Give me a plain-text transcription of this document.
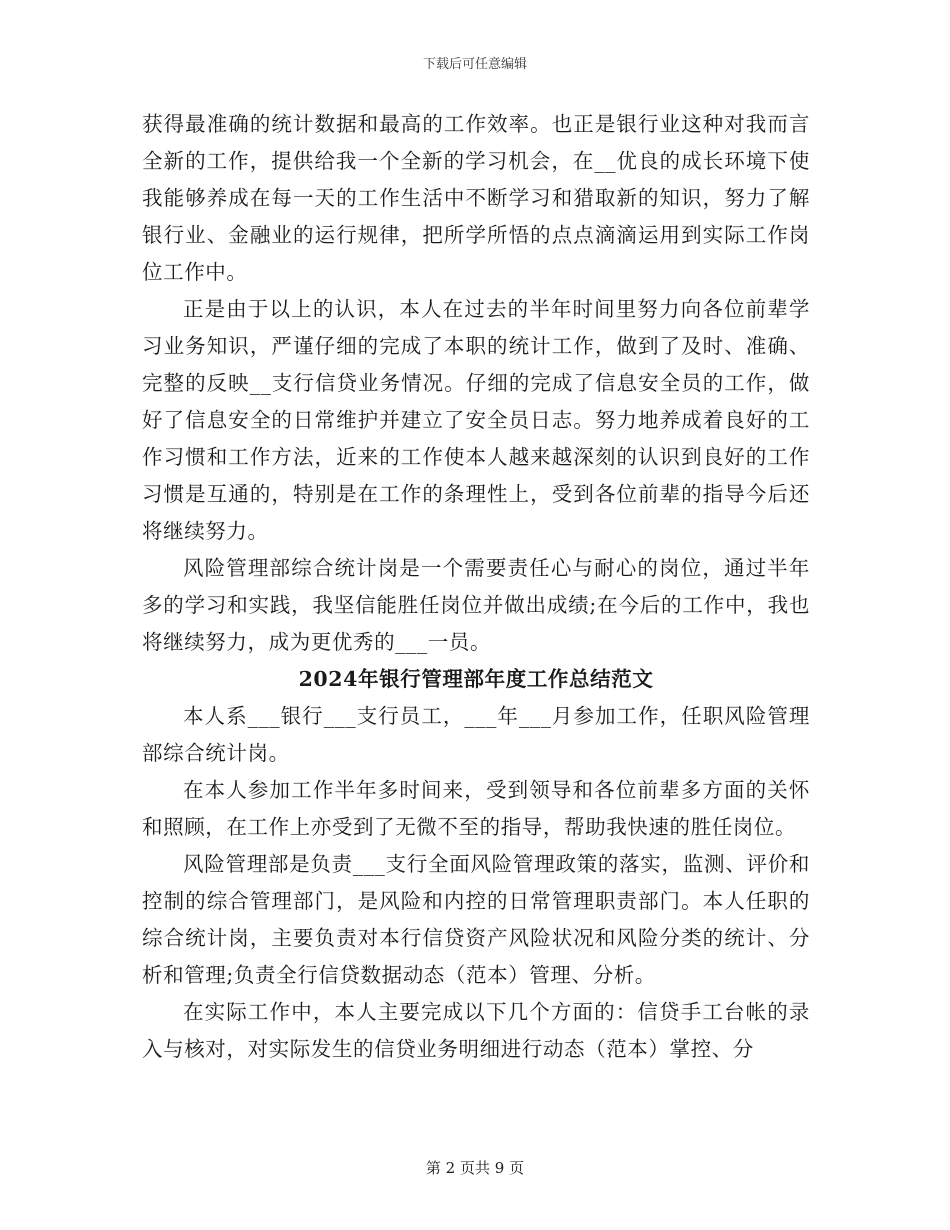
下载后可任意编辑

获得最准确的统计数据和最高的工作效率。也正是银行业这种对我而言全新的工作，提供给我一个全新的学习机会，在__优良的成长环境下使我能够养成在每一天的工作生活中不断学习和猎取新的知识，努力了解银行业、金融业的运行规律，把所学所悟的点点滴滴运用到实际工作岗位工作中。

正是由于以上的认识，本人在过去的半年时间里努力向各位前辈学习业务知识，严谨仔细的完成了本职的统计工作，做到了及时、准确、完整的反映__支行信贷业务情况。仔细的完成了信息安全员的工作，做好了信息安全的日常维护并建立了安全员日志。努力地养成着良好的工作习惯和工作方法，近来的工作使本人越来越深刻的认识到良好的工作习惯是互通的，特别是在工作的条理性上，受到各位前辈的指导今后还将继续努力。

风险管理部综合统计岗是一个需要责任心与耐心的岗位，通过半年多的学习和实践，我坚信能胜任岗位并做出成绩;在今后的工作中，我也将继续努力，成为更优秀的___一员。

2024年银行管理部年度工作总结范文

本人系___银行___支行员工，___年___月参加工作，任职风险管理部综合统计岗。

在本人参加工作半年多时间来，受到领导和各位前辈多方面的关怀和照顾，在工作上亦受到了无微不至的指导，帮助我快速的胜任岗位。

风险管理部是负责___支行全面风险管理政策的落实，监测、评价和控制的综合管理部门，是风险和内控的日常管理职责部门。本人任职的综合统计岗，主要负责对本行信贷资产风险状况和风险分类的统计、分析和管理;负责全行信贷数据动态（范本）管理、分析。

在实际工作中，本人主要完成以下几个方面的：信贷手工台帐的录入与核对，对实际发生的信贷业务明细进行动态（范本）掌控、分

第 2 页共 9 页
